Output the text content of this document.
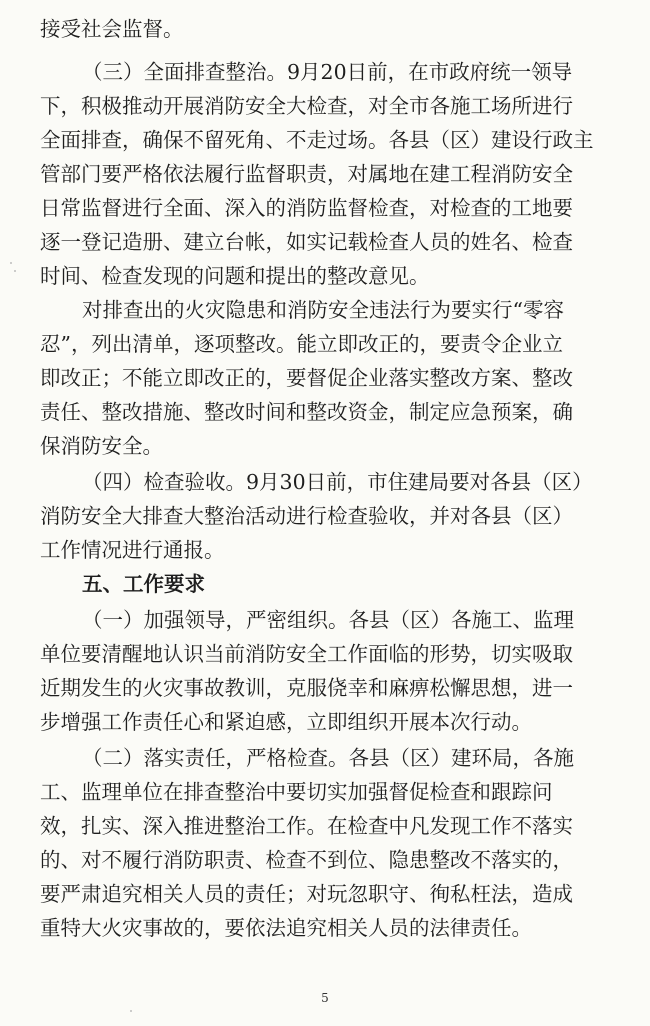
接受社会监督。
（三）全面排查整治。9月20日前，在市政府统一领导
下，积极推动开展消防安全大检查，对全市各施工场所进行
全面排查，确保不留死角、不走过场。各县（区）建设行政主
管部门要严格依法履行监督职责，对属地在建工程消防安全
日常监督进行全面、深入的消防监督检查，对检查的工地要
逐一登记造册、建立台帐，如实记载检查人员的姓名、检查
时间、检查发现的问题和提出的整改意见。
对排查出的火灾隐患和消防安全违法行为要实行“零容
忍”，列出清单，逐项整改。能立即改正的，要责令企业立
即改正；不能立即改正的，要督促企业落实整改方案、整改
责任、整改措施、整改时间和整改资金，制定应急预案，确
保消防安全。
（四）检查验收。9月30日前，市住建局要对各县（区）
消防安全大排查大整治活动进行检查验收，并对各县（区）
工作情况进行通报。
五、工作要求
（一）加强领导，严密组织。各县（区）各施工、监理
单位要清醒地认识当前消防安全工作面临的形势，切实吸取
近期发生的火灾事故教训，克服侥幸和麻痹松懈思想，进一
步增强工作责任心和紧迫感，立即组织开展本次行动。
（二）落实责任，严格检查。各县（区）建环局，各施
工、监理单位在排查整治中要切实加强督促检查和跟踪问
效，扎实、深入推进整治工作。在检查中凡发现工作不落实
的、对不履行消防职责、检查不到位、隐患整改不落实的，
要严肃追究相关人员的责任；对玩忽职守、徇私枉法，造成
重特大火灾事故的，要依法追究相关人员的法律责任。
5
